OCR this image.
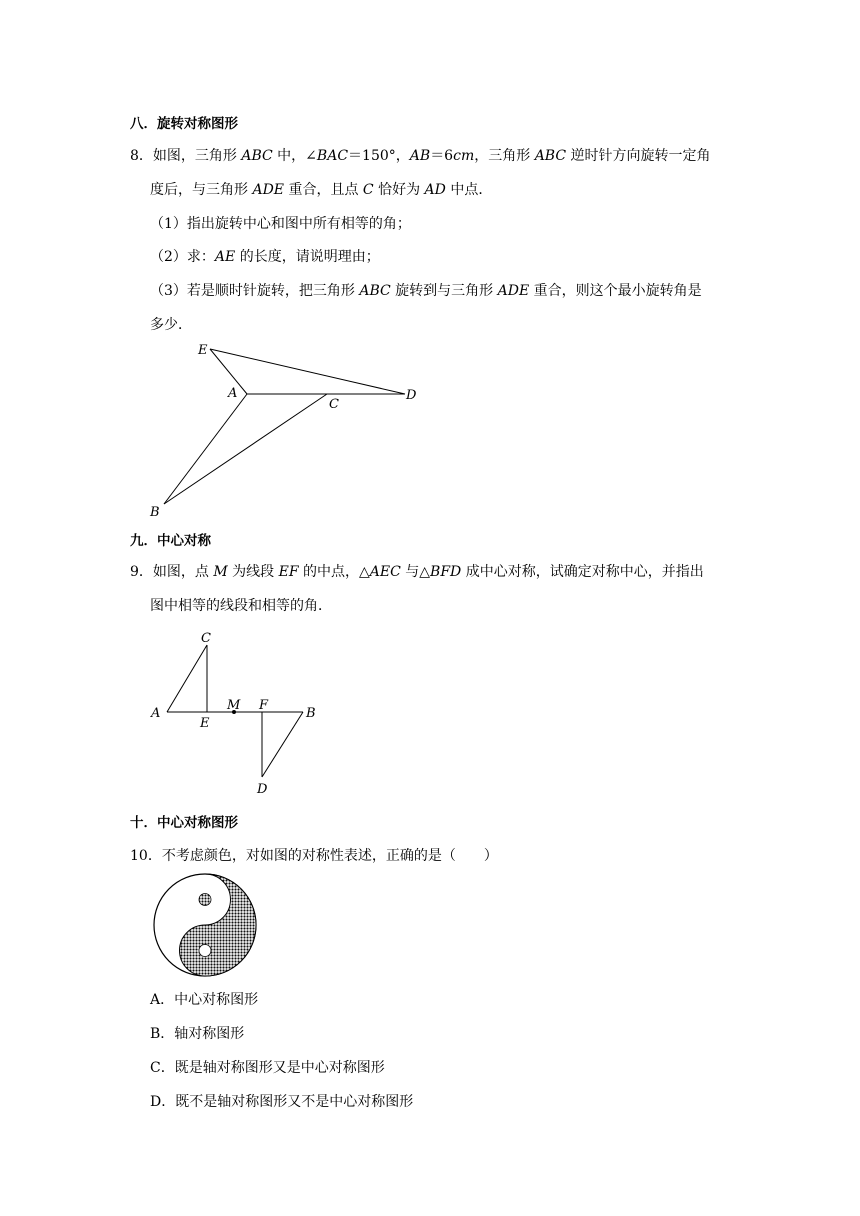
八．旋转对称图形
8．如图，三角形 ABC 中，∠BAC＝150°，AB＝6cm，三角形 ABC 逆时针方向旋转一定角
度后，与三角形 ADE 重合，且点 C 恰好为 AD 中点．
（1）指出旋转中心和图中所有相等的角；
（2）求：AE 的长度，请说明理由；
（3）若是顺时针旋转，把三角形 ABC 旋转到与三角形 ADE 重合，则这个最小旋转角是
多少．
E
A
C
D
B
九．中心对称
9．如图，点 M 为线段 EF 的中点，△AEC 与△BFD 成中心对称，试确定对称中心，并指出
图中相等的线段和相等的角．
C
A
E
M F
B
D
十．中心对称图形
10．不考虑颜色，对如图的对称性表述，正确的是（　　）
A．中心对称图形
B．轴对称图形
C．既是轴对称图形又是中心对称图形
D．既不是轴对称图形又不是中心对称图形
